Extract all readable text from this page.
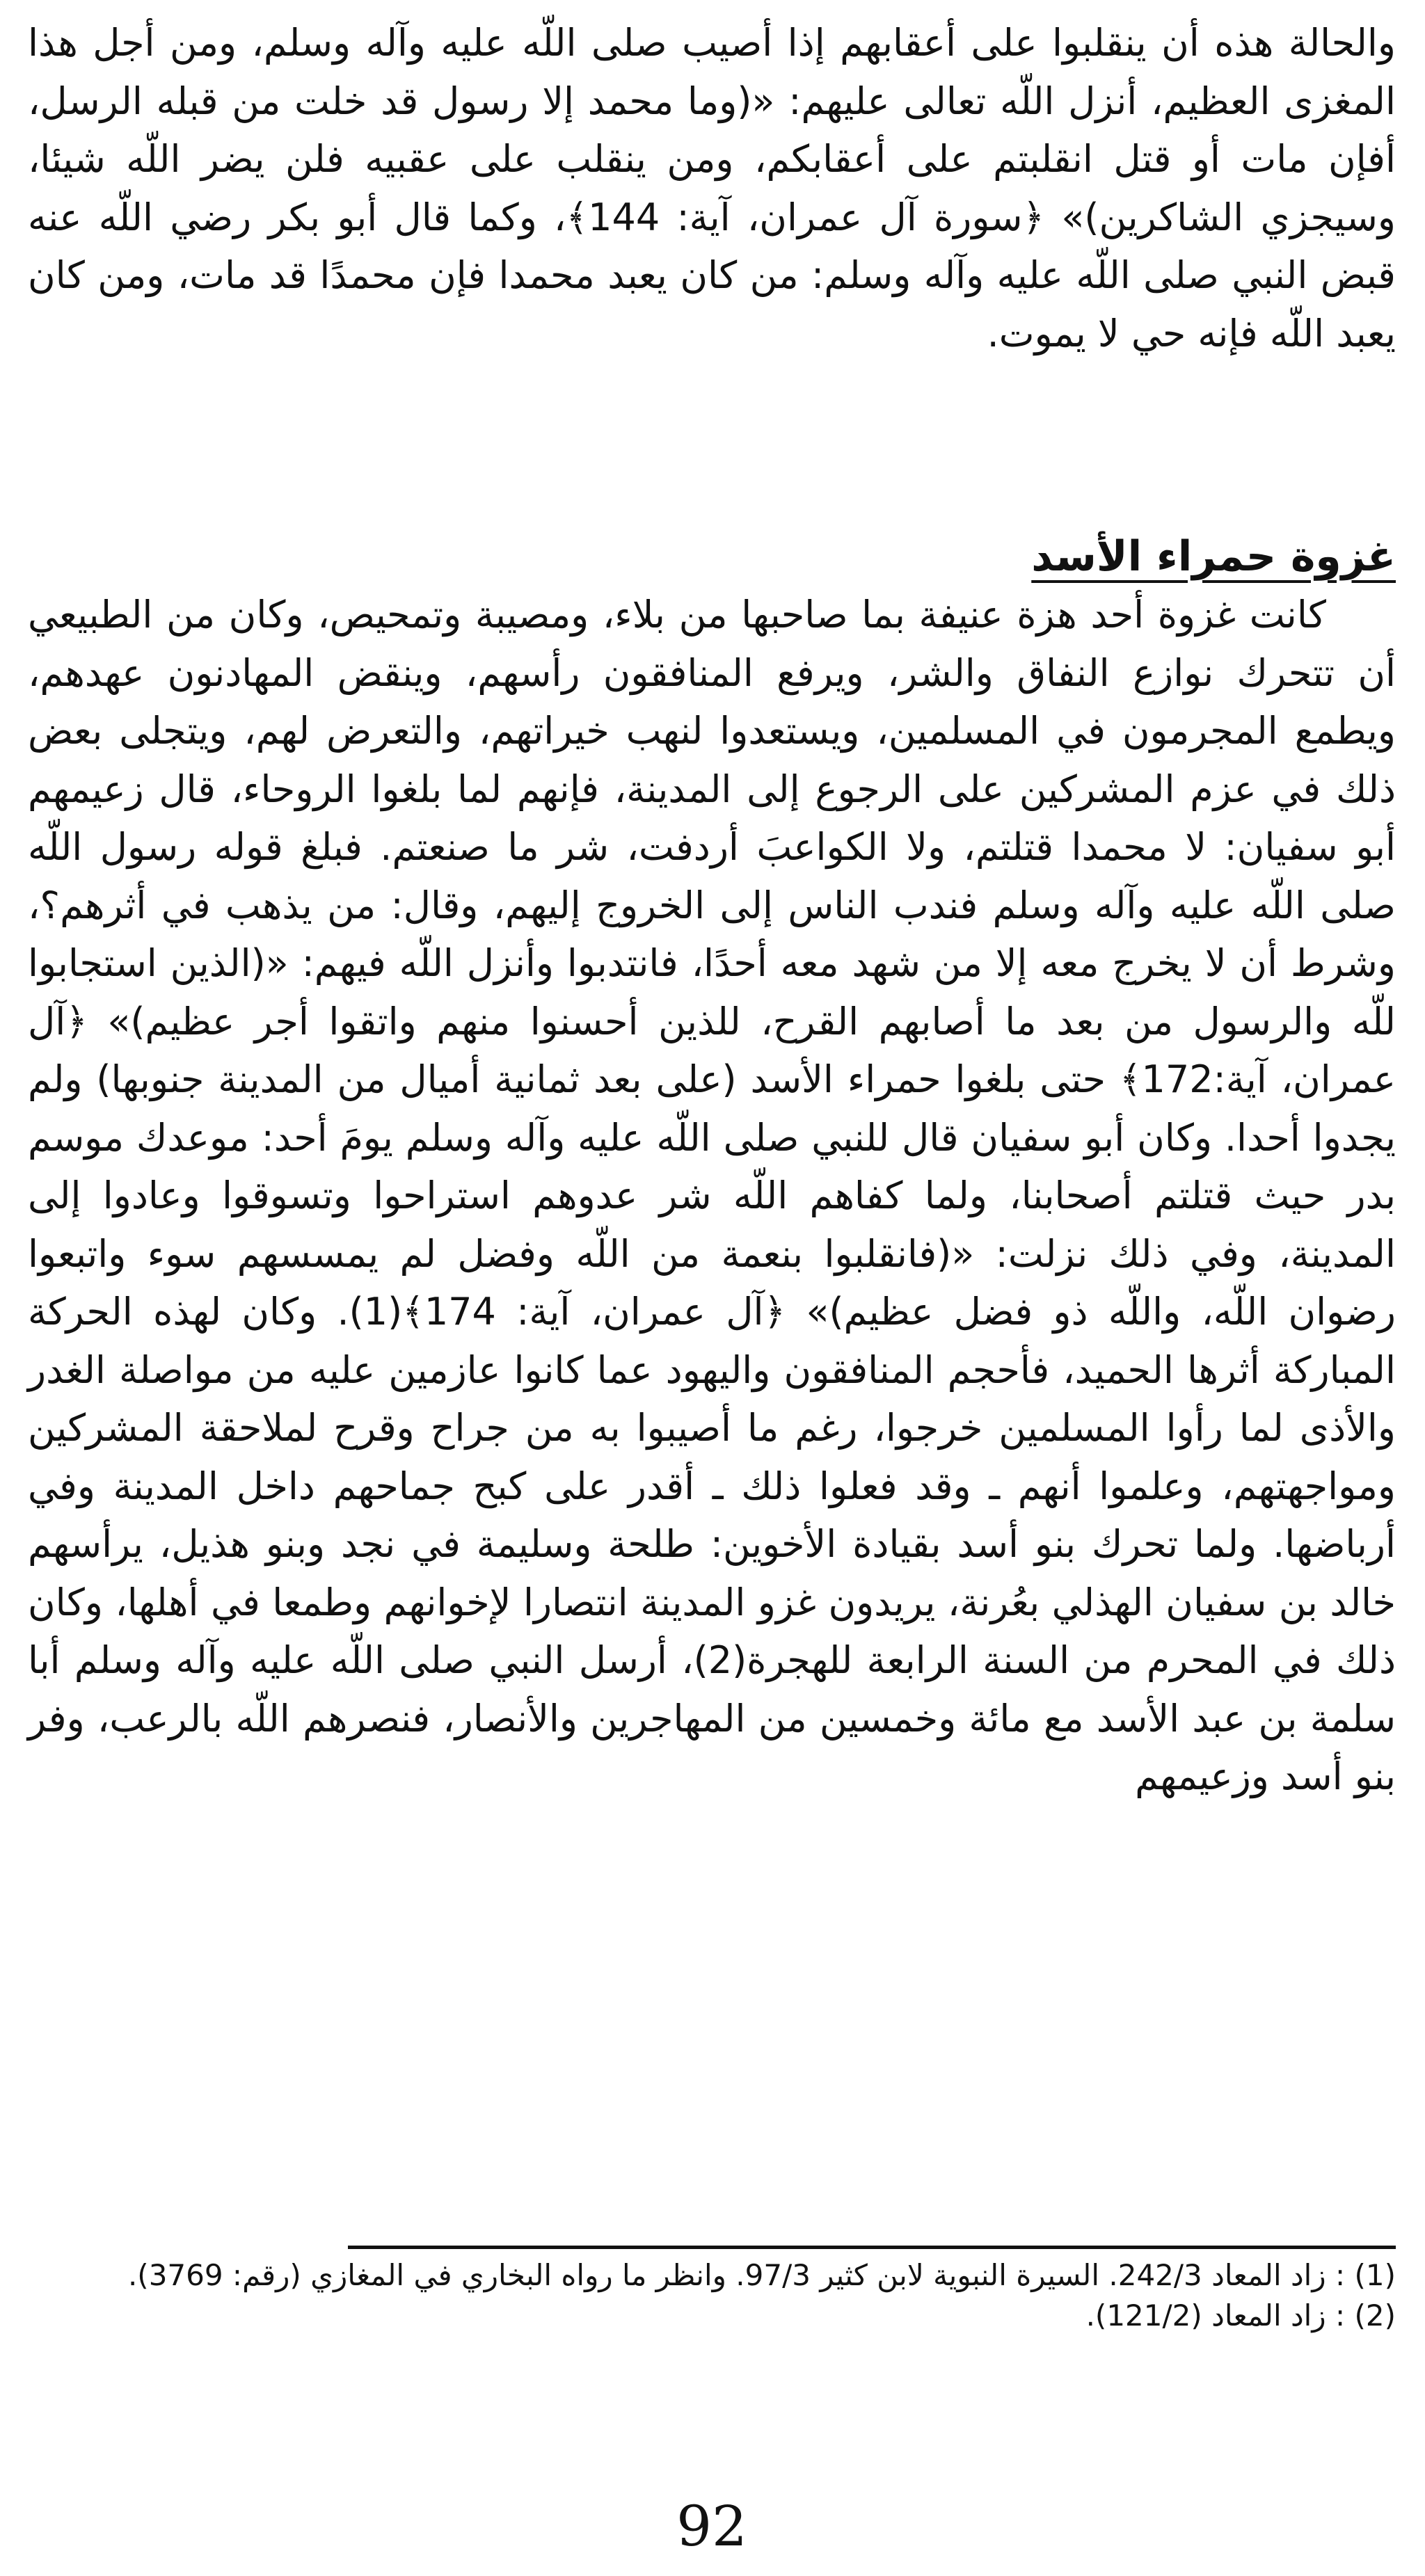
والحالة هذه أن ينقلبوا على أعقابهم إذا أصيب صلى اللّه عليه وآله وسلم، ومن أجل هذا المغزى العظيم، أنزل اللّه تعالى عليهم: «(وما محمد إلا رسول قد خلت من قبله الرسل، أفإن مات أو قتل انقلبتم على أعقابكم، ومن ينقلب على عقبيه فلن يضر اللّه شيئا، وسيجزي الشاكرين)» ﴿سورة آل عمران، آية: 144﴾، وكما قال أبو بكر رضي اللّه عنه قبض النبي صلى اللّه عليه وآله وسلم: من كان يعبد محمدا فإن محمدًا قد مات، ومن كان يعبد اللّه فإنه حي لا يموت.

غزوة حمراء الأسد

كانت غزوة أحد هزة عنيفة بما صاحبها من بلاء، ومصيبة وتمحيص، وكان من الطبيعي أن تتحرك نوازع النفاق والشر، ويرفع المنافقون رأسهم، وينقض المهادنون عهدهم، ويطمع المجرمون في المسلمين، ويستعدوا لنهب خيراتهم، والتعرض لهم، ويتجلى بعض ذلك في عزم المشركين على الرجوع إلى المدينة، فإنهم لما بلغوا الروحاء، قال زعيمهم أبو سفيان: لا محمدا قتلتم، ولا الكواعبَ أردفت، شر ما صنعتم. فبلغ قوله رسول اللّه صلى اللّه عليه وآله وسلم فندب الناس إلى الخروج إليهم، وقال: من يذهب في أثرهم؟، وشرط أن لا يخرج معه إلا من شهد معه أحدًا، فانتدبوا وأنزل اللّه فيهم: «(الذين استجابوا للّه والرسول من بعد ما أصابهم القرح، للذين أحسنوا منهم واتقوا أجر عظيم)» ﴿آل عمران، آية:172﴾ حتى بلغوا حمراء الأسد (على بعد ثمانية أميال من المدينة جنوبها) ولم يجدوا أحدا. وكان أبو سفيان قال للنبي صلى اللّه عليه وآله وسلم يومَ أحد: موعدك موسم بدر حيث قتلتم أصحابنا، ولما كفاهم اللّه شر عدوهم استراحوا وتسوقوا وعادوا إلى المدينة، وفي ذلك نزلت: «(فانقلبوا بنعمة من اللّه وفضل لم يمسسهم سوء واتبعوا رضوان اللّه، واللّه ذو فضل عظيم)» ﴿آل عمران، آية: 174﴾(1). وكان لهذه الحركة المباركة أثرها الحميد، فأحجم المنافقون واليهود عما كانوا عازمين عليه من مواصلة الغدر والأذى لما رأوا المسلمين خرجوا، رغم ما أصيبوا به من جراح وقرح لملاحقة المشركين ومواجهتهم، وعلموا أنهم ـ وقد فعلوا ذلك ـ أقدر على كبح جماحهم داخل المدينة وفي أرباضها. ولما تحرك بنو أسد بقيادة الأخوين: طلحة وسليمة في نجد وبنو هذيل، يرأسهم خالد بن سفيان الهذلي بعُرنة، يريدون غزو المدينة انتصارا لإخوانهم وطمعا في أهلها، وكان ذلك في المحرم من السنة الرابعة للهجرة(2)، أرسل النبي صلى اللّه عليه وآله وسلم أبا سلمة بن عبد الأسد مع مائة وخمسين من المهاجرين والأنصار، فنصرهم اللّه بالرعب، وفر بنو أسد وزعيمهم

(1) : زاد المعاد 242/3. السيرة النبوية لابن كثير 97/3. وانظر ما رواه البخاري في المغازي (رقم: 3769).
(2) : زاد المعاد (121/2).
92
